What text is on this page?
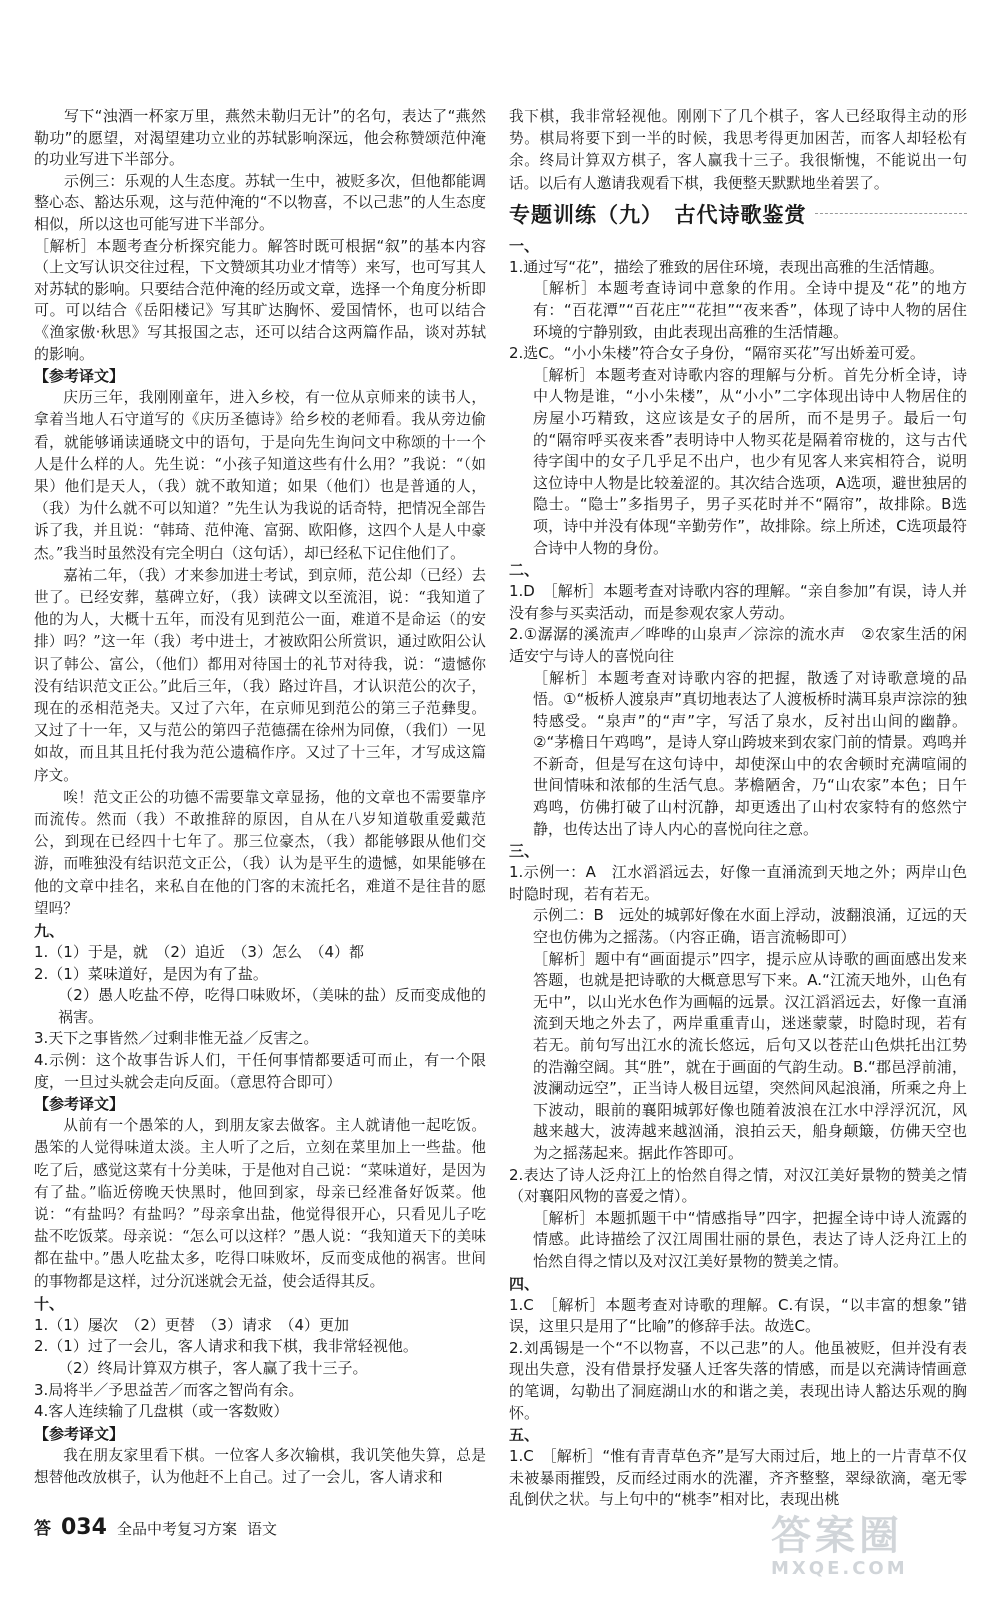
写下“浊酒一杯家万里，燕然未勒归无计”的名句，表达了“燕然勒功”的愿望，对渴望建功立业的苏轼影响深远，他会称赞颂范仲淹的功业写进下半部分。

示例三：乐观的人生态度。苏轼一生中，被贬多次，但他都能调整心态、豁达乐观，这与范仲淹的“不以物喜，不以己悲”的人生态度相似，所以这也可能写进下半部分。

［解析］本题考查分析探究能力。解答时既可根据“叙”的基本内容（上文写认识交往过程，下文赞颂其功业才情等）来写，也可写其人对苏轼的影响。只要结合范仲淹的经历或文章，选择一个角度分析即可。可以结合《岳阳楼记》写其旷达胸怀、爱国情怀，也可以结合《渔家傲·秋思》写其报国之志，还可以结合这两篇作品，谈对苏轼的影响。

【参考译文】

庆历三年，我刚刚童年，进入乡校，有一位从京师来的读书人，拿着当地人石守道写的《庆历圣德诗》给乡校的老师看。我从旁边偷看，就能够诵读通晓文中的语句，于是向先生询问文中称颂的十一个人是什么样的人。先生说：“小孩子知道这些有什么用？”我说：“（如果）他们是天人，（我）就不敢知道；如果（他们）也是普通的人，（我）为什么就不可以知道？”先生认为我说的话奇特，把情况全部告诉了我，并且说：“韩琦、范仲淹、富弼、欧阳修，这四个人是人中豪杰。”我当时虽然没有完全明白（这句话），却已经私下记住他们了。

嘉祐二年，（我）才来参加进士考试，到京师，范公却（已经）去世了。已经安葬，墓碑立好，（我）读碑文以至流泪，说：“我知道了他的为人，大概十五年，而没有见到范公一面，难道不是命运（的安排）吗？”这一年（我）考中进士，才被欧阳公所赏识，通过欧阳公认识了韩公、富公，（他们）都用对待国士的礼节对待我，说：“遗憾你没有结识范文正公。”此后三年，（我）路过许昌，才认识范公的次子，现在的丞相范尧夫。又过了六年，在京师见到范公的第三子范彝叟。又过了十一年，又与范公的第四子范德孺在徐州为同僚，（我们）一见如故，而且其且托付我为范公遗稿作序。又过了十三年，才写成这篇序文。

唉！范文正公的功德不需要靠文章显扬，他的文章也不需要靠序而流传。然而（我）不敢推辞的原因，自从在八岁知道敬重爱戴范公，到现在已经四十七年了。那三位豪杰，（我）都能够跟从他们交游，而唯独没有结识范文正公，（我）认为是平生的遗憾，如果能够在他的文章中挂名，来私自在他的门客的末流托名，难道不是往昔的愿望吗？

九、

1.（1）于是，就　（2）追近　（3）怎么　（4）都

2.（1）菜味道好，是因为有了盐。

（2）愚人吃盐不停，吃得口味败坏，（美味的盐）反而变成他的祸害。

3.天下之事皆然／过剩非惟无益／反害之。

4.示例：这个故事告诉人们，干任何事情都要适可而止，有一个限度，一旦过头就会走向反面。（意思符合即可）

【参考译文】

从前有一个愚笨的人，到朋友家去做客。主人就请他一起吃饭。愚笨的人觉得味道太淡。主人听了之后，立刻在菜里加上一些盐。他吃了后，感觉这菜有十分美味，于是他对自己说：“菜味道好，是因为有了盐。”临近傍晚天快黑时，他回到家，母亲已经准备好饭菜。他说：“有盐吗？有盐吗？”母亲拿出盐，他觉得很开心，只看见儿子吃盐不吃饭菜。母亲说：“怎么可以这样？”愚人说：“我知道天下的美味都在盐中。”愚人吃盐太多，吃得口味败坏，反而变成他的祸害。世间的事物都是这样，过分沉迷就会无益，使会适得其反。

十、

1.（1）屡次　（2）更替　（3）请求　（4）更加

2.（1）过了一会儿，客人请求和我下棋，我非常轻视他。

（2）终局计算双方棋子，客人赢了我十三子。

3.局将半／予思益苦／而客之智尚有余。

4.客人连续输了几盘棋（或一客数败）

【参考译文】

我在朋友家里看下棋。一位客人多次输棋，我讥笑他失算，总是想替他改放棋子，认为他赶不上自己。过了一会儿，客人请求和

我下棋，我非常轻视他。刚刚下了几个棋子，客人已经取得主动的形势。棋局将要下到一半的时候，我思考得更加困苦，而客人却轻松有余。终局计算双方棋子，客人赢我十三子。我很惭愧，不能说出一句话。以后有人邀请我观看下棋，我便整天默默地坐着罢了。

专题训练（九）　古代诗歌鉴赏

一、

1.通过写“花”，描绘了雅致的居住环境，表现出高雅的生活情趣。

［解析］本题考查诗词中意象的作用。全诗中提及“花”的地方有：“百花潭”“百花庄”“花担”“夜来香”，体现了诗中人物的居住环境的宁静别致，由此表现出高雅的生活情趣。

2.选C。“小小朱楼”符合女子身份，“隔帘买花”写出娇羞可爱。

［解析］本题考查对诗歌内容的理解与分析。首先分析全诗，诗中人物是谁，“小小朱楼”，从“小小”二字体现出诗中人物居住的房屋小巧精致，这应该是女子的居所，而不是男子。最后一句的“隔帘呼买夜来香”表明诗中人物买花是隔着帘栊的，这与古代待字闺中的女子几乎足不出户，也少有见客人来宾相符合，说明这位诗中人物是比较羞涩的。其次结合选项，A选项，避世独居的隐士。“隐士”多指男子，男子买花时并不“隔帘”，故排除。B选项，诗中并没有体现“辛勤劳作”，故排除。综上所述，C选项最符合诗中人物的身份。

二、

1.D　［解析］本题考查对诗歌内容的理解。“亲自参加”有误，诗人并没有参与买卖活动，而是参观农家人劳动。

2.①潺潺的溪流声／哗哗的山泉声／淙淙的流水声　②农家生活的闲适安宁与诗人的喜悦向往

［解析］本题考查对诗歌内容的把握，散透了对诗歌意境的品悟。①“板桥人渡泉声”真切地表达了人渡板桥时满耳泉声淙淙的独特感受。“泉声”的“声”字，写活了泉水，反衬出山间的幽静。②“茅檐日午鸡鸣”，是诗人穿山跨坡来到农家门前的情景。鸡鸣并不新奇，但是写在这句诗中，却使深山中的农舍顿时充满喧闹的世间情味和浓郁的生活气息。茅檐陋舍，乃“山农家”本色；日午鸡鸣，仿佛打破了山村沉静，却更透出了山村农家特有的悠然宁静，也传达出了诗人内心的喜悦向往之意。

三、

1.示例一：A　江水滔滔远去，好像一直涌流到天地之外；两岸山色时隐时现，若有若无。

示例二：B　远处的城郭好像在水面上浮动，波翻浪涌，辽远的天空也仿佛为之摇荡。（内容正确，语言流畅即可）

［解析］题中有“画面提示”四字，提示应从诗歌的画面感出发来答题，也就是把诗歌的大概意思写下来。A.“江流天地外，山色有无中”，以山光水色作为画幅的远景。汉江滔滔远去，好像一直涌流到天地之外去了，两岸重重青山，迷迷蒙蒙，时隐时现，若有若无。前句写出江水的流长悠远，后句又以苍茫山色烘托出江势的浩瀚空阔。其“胜”，就在于画面的气韵生动。B.“郡邑浮前浦，波澜动远空”，正当诗人极目远望，突然间风起浪涌，所乘之舟上下波动，眼前的襄阳城郭好像也随着波浪在江水中浮浮沉沉，风越来越大，波涛越来越汹涌，浪拍云天，船身颠簸，仿佛天空也为之摇荡起来。据此作答即可。

2.表达了诗人泛舟江上的怡然自得之情，对汉江美好景物的赞美之情（对襄阳风物的喜爱之情）。

［解析］本题抓题干中“情感指导”四字，把握全诗中诗人流露的情感。此诗描绘了汉江周围壮丽的景色，表达了诗人泛舟江上的怡然自得之情以及对汉江美好景物的赞美之情。

四、

1.C　［解析］本题考查对诗歌的理解。C.有误，“以丰富的想象”错误，这里只是用了“比喻”的修辞手法。故选C。

2.刘禹锡是一个“不以物喜，不以己悲”的人。他虽被贬，但并没有表现出失意，没有借景抒发骚人迁客失落的情感，而是以充满诗情画意的笔调，勾勒出了洞庭湖山水的和谐之美，表现出诗人豁达乐观的胸怀。

五、

1.C　［解析］“惟有青青草色齐”是写大雨过后，地上的一片青草不仅未被暴雨摧毁，反而经过雨水的洗濯，齐齐整整，翠绿欲滴，毫无零乱倒伏之状。与上句中的“桃李”相对比，表现出桃

答 034 全品中考复习方案 语文	答案圈
MXQE.COM
